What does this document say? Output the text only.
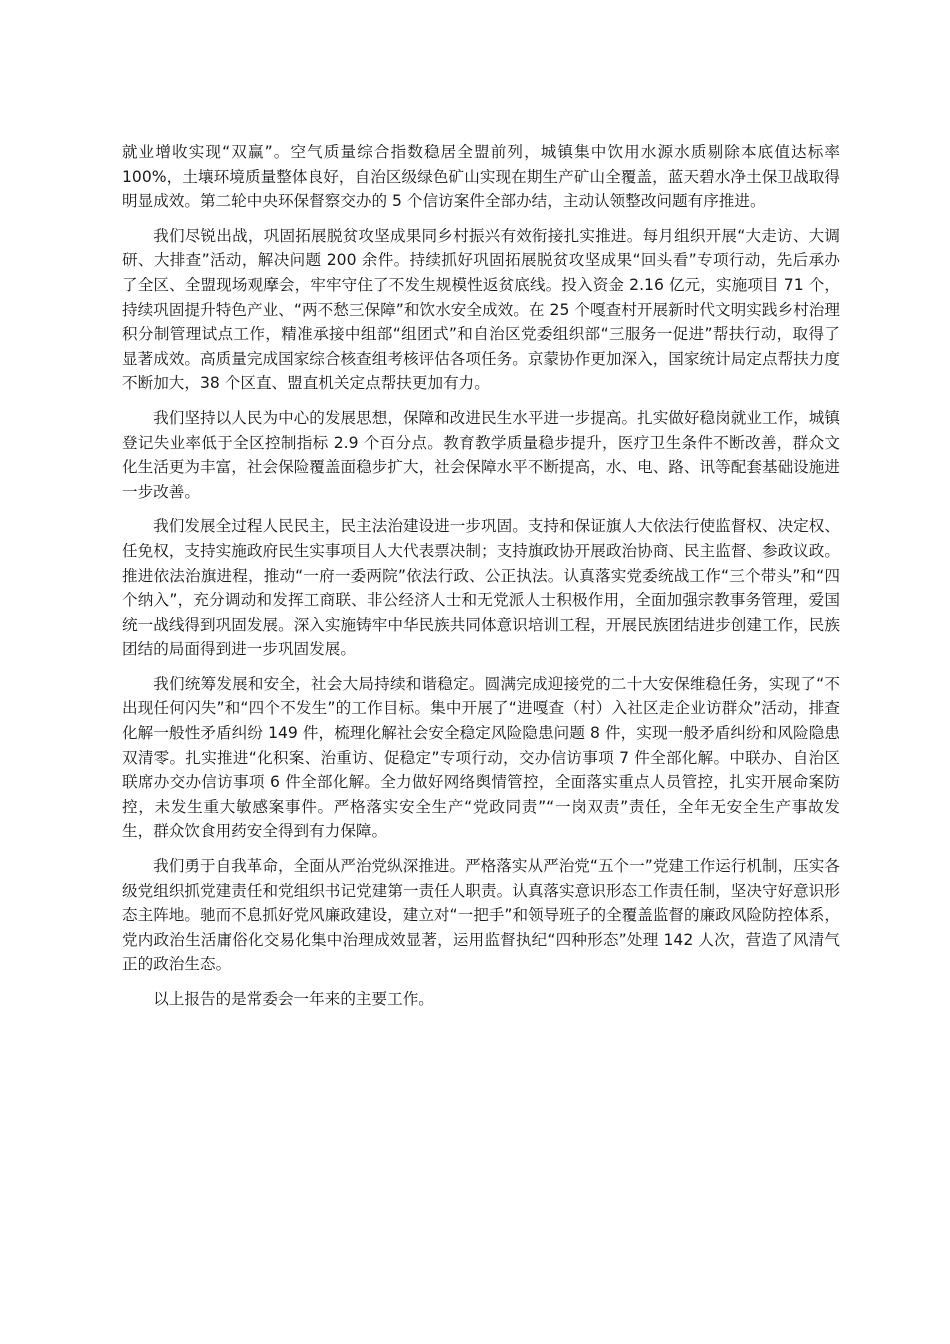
就业增收实现“双赢”。空气质量综合指数稳居全盟前列，城镇集中饮用水源水质剔除本底值达标率 100%，土壤环境质量整体良好，自治区级绿色矿山实现在期生产矿山全覆盖，蓝天碧水净土保卫战取得明显成效。第二轮中央环保督察交办的 5 个信访案件全部办结，主动认领整改问题有序推进。

我们尽锐出战，巩固拓展脱贫攻坚成果同乡村振兴有效衔接扎实推进。每月组织开展“大走访、大调研、大排查”活动，解决问题 200 余件。持续抓好巩固拓展脱贫攻坚成果“回头看”专项行动，先后承办了全区、全盟现场观摩会，牢牢守住了不发生规模性返贫底线。投入资金 2.16 亿元，实施项目 71 个，持续巩固提升特色产业、“两不愁三保障”和饮水安全成效。在 25 个嘎查村开展新时代文明实践乡村治理积分制管理试点工作，精准承接中组部“组团式”和自治区党委组织部“三服务一促进”帮扶行动，取得了显著成效。高质量完成国家综合核查组考核评估各项任务。京蒙协作更加深入，国家统计局定点帮扶力度不断加大，38 个区直、盟直机关定点帮扶更加有力。

我们坚持以人民为中心的发展思想，保障和改进民生水平进一步提高。扎实做好稳岗就业工作，城镇登记失业率低于全区控制指标 2.9 个百分点。教育教学质量稳步提升，医疗卫生条件不断改善，群众文化生活更为丰富，社会保险覆盖面稳步扩大，社会保障水平不断提高，水、电、路、讯等配套基础设施进一步改善。

我们发展全过程人民民主，民主法治建设进一步巩固。支持和保证旗人大依法行使监督权、决定权、任免权，支持实施政府民生实事项目人大代表票决制；支持旗政协开展政治协商、民主监督、参政议政。推进依法治旗进程，推动“一府一委两院”依法行政、公正执法。认真落实党委统战工作“三个带头”和“四个纳入”，充分调动和发挥工商联、非公经济人士和无党派人士积极作用，全面加强宗教事务管理，爱国统一战线得到巩固发展。深入实施铸牢中华民族共同体意识培训工程，开展民族团结进步创建工作，民族团结的局面得到进一步巩固发展。

我们统筹发展和安全，社会大局持续和谐稳定。圆满完成迎接党的二十大安保维稳任务，实现了“不出现任何闪失”和“四个不发生”的工作目标。集中开展了“进嘎查（村）入社区走企业访群众”活动，排查化解一般性矛盾纠纷 149 件，梳理化解社会安全稳定风险隐患问题 8 件，实现一般矛盾纠纷和风险隐患双清零。扎实推进“化积案、治重访、促稳定”专项行动，交办信访事项 7 件全部化解。中联办、自治区联席办交办信访事项 6 件全部化解。全力做好网络舆情管控，全面落实重点人员管控，扎实开展命案防控，未发生重大敏感案事件。严格落实安全生产“党政同责”“一岗双责”责任，全年无安全生产事故发生，群众饮食用药安全得到有力保障。

我们勇于自我革命，全面从严治党纵深推进。严格落实从严治党“五个一”党建工作运行机制，压实各级党组织抓党建责任和党组织书记党建第一责任人职责。认真落实意识形态工作责任制，坚决守好意识形态主阵地。驰而不息抓好党风廉政建设，建立对“一把手”和领导班子的全覆盖监督的廉政风险防控体系，党内政治生活庸俗化交易化集中治理成效显著，运用监督执纪“四种形态”处理 142 人次，营造了风清气正的政治生态。

以上报告的是常委会一年来的主要工作。
